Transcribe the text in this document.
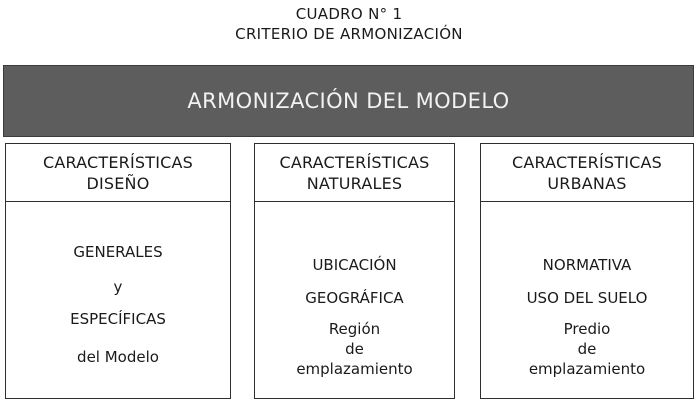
CUADRO N° 1
CRITERIO DE ARMONIZACIÓN
ARMONIZACIÓN DEL MODELO
CARACTERÍSTICAS
DISEÑO
GENERALES
y
ESPECÍFICAS
del Modelo
CARACTERÍSTICAS
NATURALES
UBICACIÓN
GEOGRÁFICA
Región
de
emplazamiento
CARACTERÍSTICAS
URBANAS
NORMATIVA
USO DEL SUELO
Predio
de
emplazamiento
